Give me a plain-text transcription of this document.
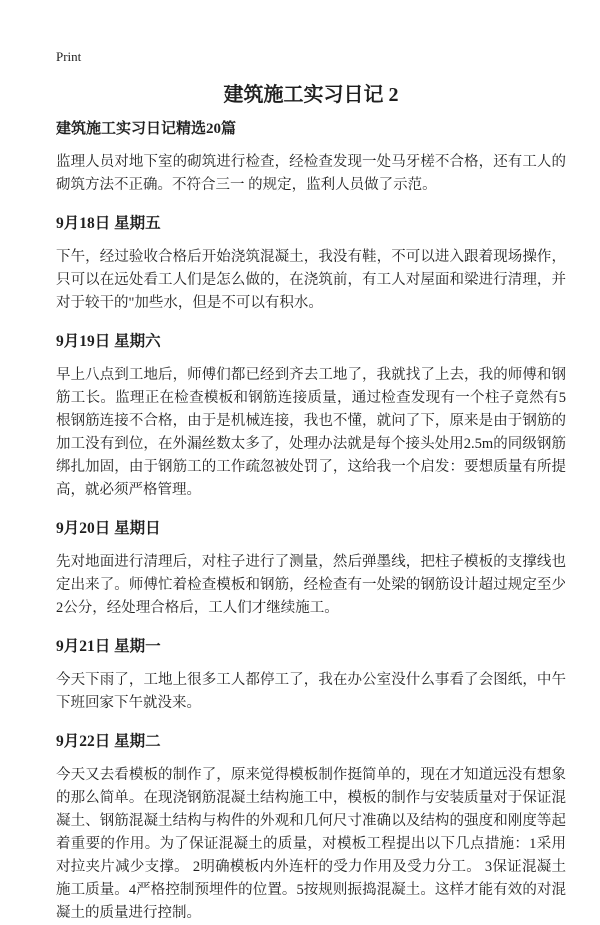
Print
建筑施工实习日记 2
建筑施工实习日记精选20篇

监理人员对地下室的砌筑进行检查，经检查发现一处马牙槎不合格，还有工人的砌筑方法不正确。不符合三一 的规定，监利人员做了示范。

9月18日 星期五

下午，经过验收合格后开始浇筑混凝土，我没有鞋，不可以进入跟着现场操作，只可以在远处看工人们是怎么做的，在浇筑前，有工人对屋面和梁进行清理，并对于较干的"加些水，但是不可以有积水。

9月19日 星期六

早上八点到工地后，师傅们都已经到齐去工地了，我就找了上去，我的师傅和钢筋工长。监理正在检查模板和钢筋连接质量，通过检查发现有一个柱子竟然有5根钢筋连接不合格，由于是机械连接，我也不懂，就问了下，原来是由于钢筋的加工没有到位，在外漏丝数太多了，处理办法就是每个接头处用2.5m的同级钢筋绑扎加固，由于钢筋工的工作疏忽被处罚了，这给我一个启发：要想质量有所提高，就必须严格管理。

9月20日 星期日

先对地面进行清理后，对柱子进行了测量，然后弹墨线，把柱子模板的支撑线也定出来了。师傅忙着检查模板和钢筋，经检查有一处梁的钢筋设计超过规定至少2公分，经处理合格后，工人们才继续施工。

9月21日 星期一

今天下雨了，工地上很多工人都停工了，我在办公室没什么事看了会图纸，中午下班回家下午就没来。

9月22日 星期二

今天又去看模板的制作了，原来觉得模板制作挺简单的，现在才知道远没有想象的那么简单。在现浇钢筋混凝土结构施工中，模板的制作与安装质量对于保证混凝土、钢筋混凝土结构与构件的外观和几何尺寸准确以及结构的强度和刚度等起着重要的作用。为了保证混凝土的质量，对模板工程提出以下几点措施：1采用对拉夹片减少支撑。 2明确模板内外连杆的受力作用及受力分工。 3保证混凝土施工质量。4严格控制预埋件的位置。5按规则振捣混凝土。这样才能有效的对混凝土的质量进行控制。
